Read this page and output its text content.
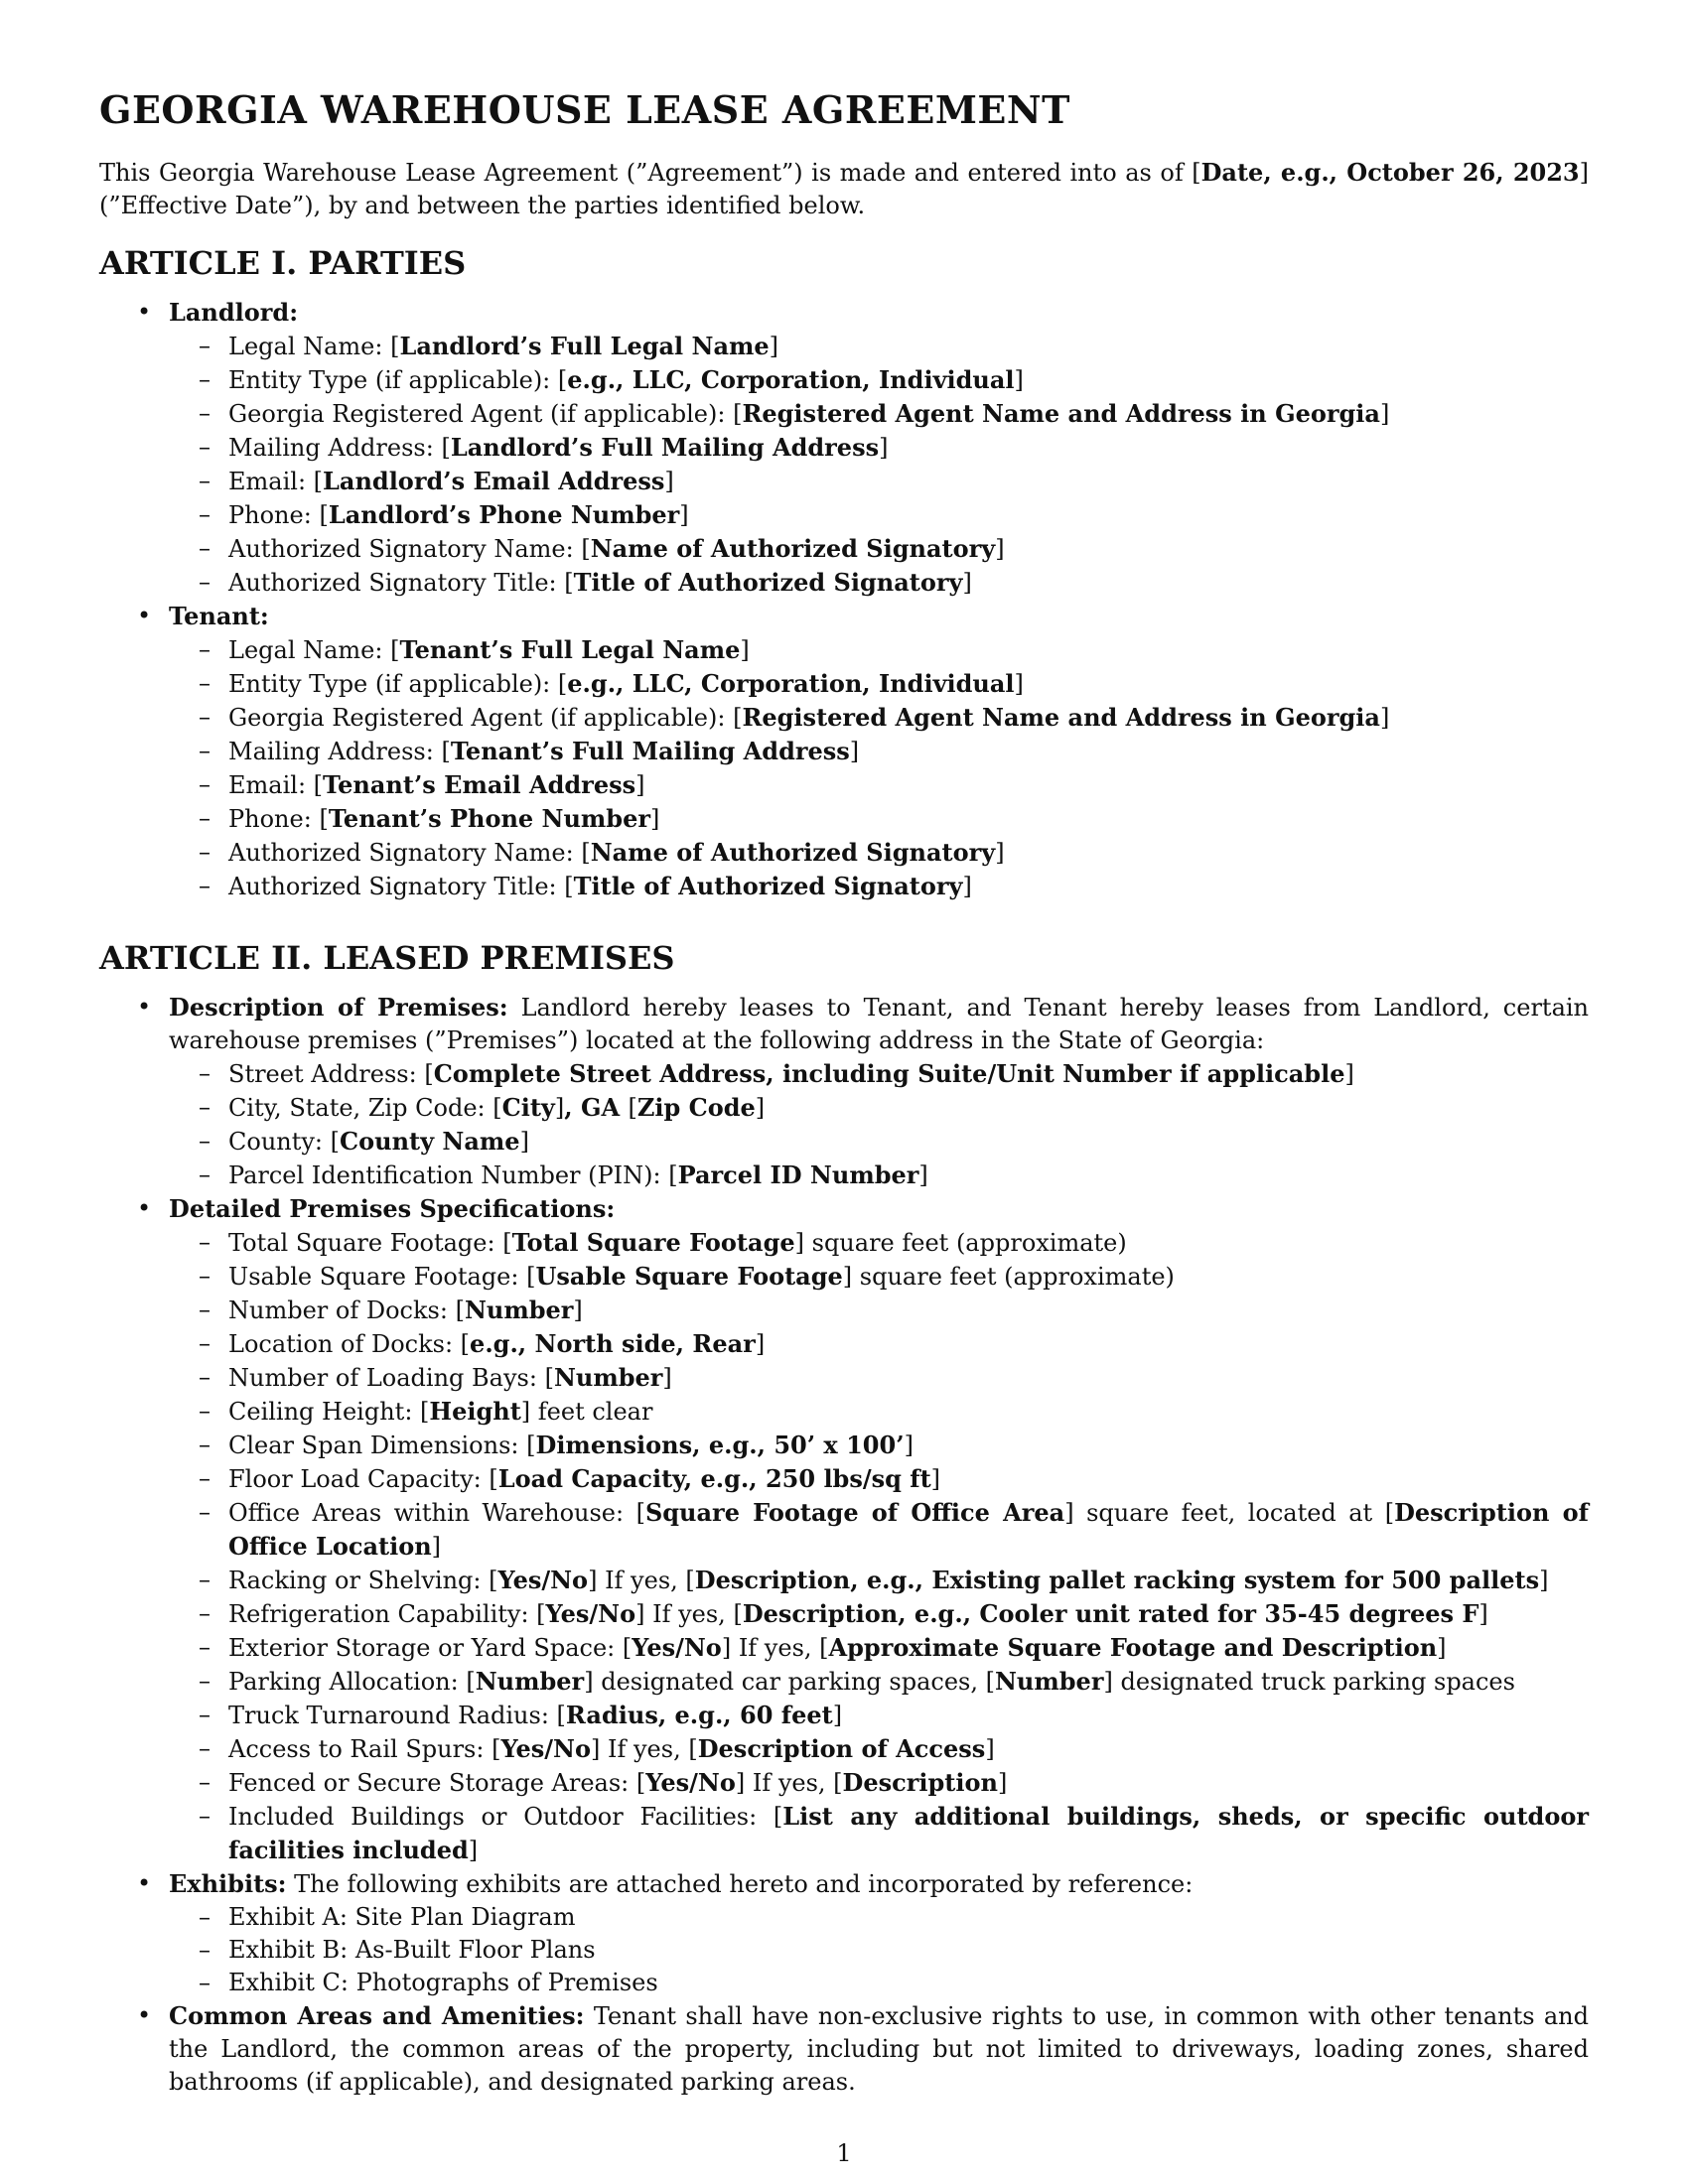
GEORGIA WAREHOUSE LEASE AGREEMENT

This Georgia Warehouse Lease Agreement (”Agreement”) is made and entered into as of [Date, e.g., October 26, 2023] (”Effective Date”), by and between the parties identified below.

ARTICLE I. PARTIES
• Landlord:
– Legal Name: [Landlord’s Full Legal Name]
– Entity Type (if applicable): [e.g., LLC, Corporation, Individual]
– Georgia Registered Agent (if applicable): [Registered Agent Name and Address in Georgia]
– Mailing Address: [Landlord’s Full Mailing Address]
– Email: [Landlord’s Email Address]
– Phone: [Landlord’s Phone Number]
– Authorized Signatory Name: [Name of Authorized Signatory]
– Authorized Signatory Title: [Title of Authorized Signatory]
• Tenant:
– Legal Name: [Tenant’s Full Legal Name]
– Entity Type (if applicable): [e.g., LLC, Corporation, Individual]
– Georgia Registered Agent (if applicable): [Registered Agent Name and Address in Georgia]
– Mailing Address: [Tenant’s Full Mailing Address]
– Email: [Tenant’s Email Address]
– Phone: [Tenant’s Phone Number]
– Authorized Signatory Name: [Name of Authorized Signatory]
– Authorized Signatory Title: [Title of Authorized Signatory]
ARTICLE II. LEASED PREMISES
• Description of Premises: Landlord hereby leases to Tenant, and Tenant hereby leases from Landlord, certain warehouse premises (”Premises”) located at the following address in the State of Georgia:
– Street Address: [Complete Street Address, including Suite/Unit Number if applicable]
– City, State, Zip Code: [City], GA [Zip Code]
– County: [County Name]
– Parcel Identification Number (PIN): [Parcel ID Number]
• Detailed Premises Specifications:
– Total Square Footage: [Total Square Footage] square feet (approximate)
– Usable Square Footage: [Usable Square Footage] square feet (approximate)
– Number of Docks: [Number]
– Location of Docks: [e.g., North side, Rear]
– Number of Loading Bays: [Number]
– Ceiling Height: [Height] feet clear
– Clear Span Dimensions: [Dimensions, e.g., 50’ x 100’]
– Floor Load Capacity: [Load Capacity, e.g., 250 lbs/sq ft]
– Office Areas within Warehouse: [Square Footage of Office Area] square feet, located at [Description of Office Location]
– Racking or Shelving: [Yes/No] If yes, [Description, e.g., Existing pallet racking system for 500 pallets]
– Refrigeration Capability: [Yes/No] If yes, [Description, e.g., Cooler unit rated for 35-45 degrees F]
– Exterior Storage or Yard Space: [Yes/No] If yes, [Approximate Square Footage and Description]
– Parking Allocation: [Number] designated car parking spaces, [Number] designated truck parking spaces
– Truck Turnaround Radius: [Radius, e.g., 60 feet]
– Access to Rail Spurs: [Yes/No] If yes, [Description of Access]
– Fenced or Secure Storage Areas: [Yes/No] If yes, [Description]
– Included Buildings or Outdoor Facilities: [List any additional buildings, sheds, or specific outdoor facilities included]
• Exhibits: The following exhibits are attached hereto and incorporated by reference:
– Exhibit A: Site Plan Diagram
– Exhibit B: As-Built Floor Plans
– Exhibit C: Photographs of Premises
• Common Areas and Amenities: Tenant shall have non-exclusive rights to use, in common with other tenants and the Landlord, the common areas of the property, including but not limited to driveways, loading zones, shared bathrooms (if applicable), and designated parking areas.
1
